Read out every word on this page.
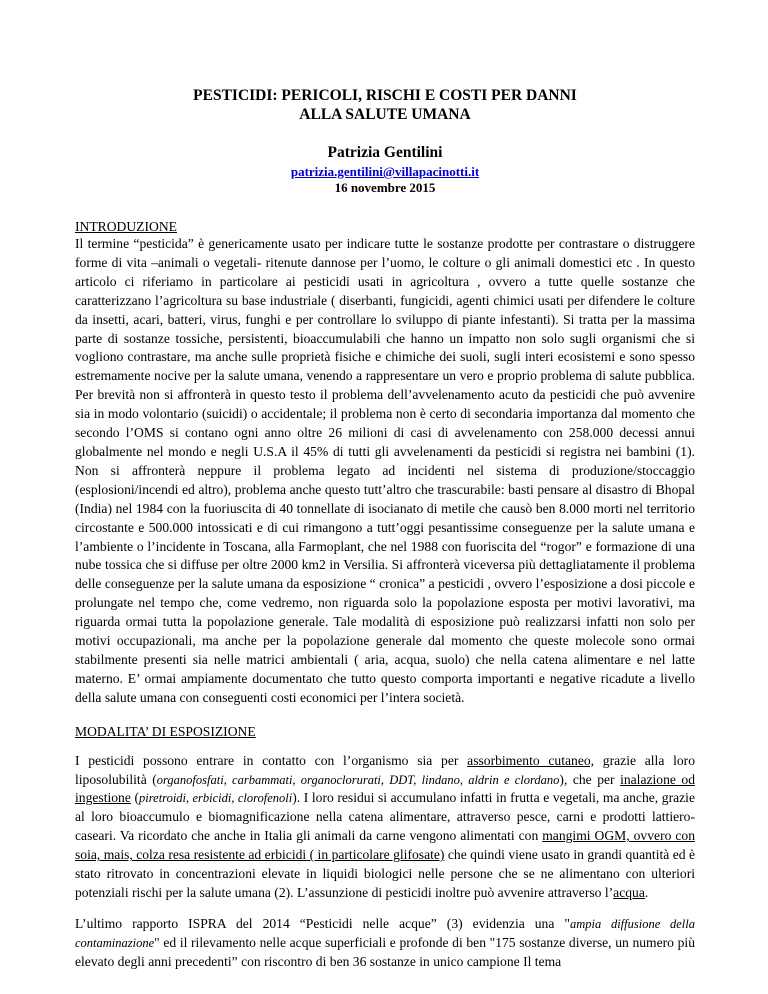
PESTICIDI: PERICOLI, RISCHI E COSTI PER DANNI
ALLA SALUTE UMANA
Patrizia Gentilini
patrizia.gentilini@villapacinotti.it
16 novembre 2015
INTRODUZIONE

Il termine “pesticida” è genericamente usato per indicare tutte le sostanze prodotte per contrastare o distruggere forme di vita –animali o vegetali- ritenute dannose per l’uomo, le colture o gli animali domestici etc . In questo articolo ci riferiamo in particolare ai pesticidi usati in agricoltura , ovvero a tutte quelle sostanze che caratterizzano l’agricoltura su base industriale ( diserbanti, fungicidi, agenti chimici usati per difendere le colture da insetti, acari, batteri, virus, funghi e per controllare lo sviluppo di piante infestanti). Si tratta per la massima parte di sostanze tossiche, persistenti, bioaccumulabili che hanno un impatto non solo sugli organismi che si vogliono contrastare, ma anche sulle proprietà fisiche e chimiche dei suoli, sugli interi ecosistemi e sono spesso estremamente nocive per la salute umana, venendo a rappresentare un vero e proprio problema di salute pubblica. Per brevità non si affronterà in questo testo il problema dell’avvelenamento acuto da pesticidi che può avvenire sia in modo volontario (suicidi) o accidentale; il problema non è certo di secondaria importanza dal momento che secondo l’OMS si contano ogni anno oltre 26 milioni di casi di avvelenamento con 258.000 decessi annui globalmente nel mondo e negli U.S.A il 45% di tutti gli avvelenamenti da pesticidi si registra nei bambini (1). Non si affronterà neppure il problema legato ad incidenti nel sistema di produzione/stoccaggio (esplosioni/incendi ed altro), problema anche questo tutt’altro che trascurabile: basti pensare al disastro di Bhopal (India) nel 1984 con la fuoriuscita di 40 tonnellate di isocianato di metile che causò ben 8.000 morti nel territorio circostante e 500.000 intossicati e di cui rimangono a tutt’oggi pesantissime conseguenze per la salute umana e l’ambiente o l’incidente in Toscana, alla Farmoplant, che nel 1988 con fuoriscita del “rogor” e formazione di una nube tossica che si diffuse per oltre 2000 km2 in Versilia. Si affronterà viceversa più dettagliatamente il problema delle conseguenze per la salute umana da esposizione “ cronica” a pesticidi , ovvero l’esposizione a dosi piccole e prolungate nel tempo che, come vedremo, non riguarda solo la popolazione esposta per motivi lavorativi, ma riguarda ormai tutta la popolazione generale. Tale modalità di esposizione può realizzarsi infatti non solo per motivi occupazionali, ma anche per la popolazione generale dal momento che queste molecole sono ormai stabilmente presenti sia nelle matrici ambientali ( aria, acqua, suolo) che nella catena alimentare e nel latte materno. E’ ormai ampiamente documentato che tutto questo comporta importanti e negative ricadute a livello della salute umana con conseguenti costi economici per l’intera società.

MODALITA’ DI ESPOSIZIONE

I pesticidi possono entrare in contatto con l’organismo sia per assorbimento cutaneo, grazie alla loro liposolubilità (organofosfati, carbammati, organoclorurati, DDT, lindano, aldrin e clordano), che per inalazione od ingestione (piretroidi, erbicidi, clorofenoli). I loro residui si accumulano infatti in frutta e vegetali, ma anche, grazie al loro bioaccumulo e biomagnificazione nella catena alimentare, attraverso pesce, carni e prodotti lattiero-caseari. Va ricordato che anche in Italia gli animali da carne vengono alimentati con mangimi OGM, ovvero con soia, mais, colza resa resistente ad erbicidi ( in particolare glifosate) che quindi viene usato in grandi quantità ed è stato ritrovato in concentrazioni elevate in liquidi biologici nelle persone che se ne alimentano con ulteriori potenziali rischi per la salute umana (2). L’assunzione di pesticidi inoltre può avvenire attraverso l’acqua.

L’ultimo rapporto ISPRA del 2014 “Pesticidi nelle acque” (3) evidenzia una "ampia diffusione della contaminazione" ed il rilevamento nelle acque superficiali e profonde di ben "175 sostanze diverse, un numero più elevato degli anni precedenti” con riscontro di ben 36 sostanze in unico campione Il tema
